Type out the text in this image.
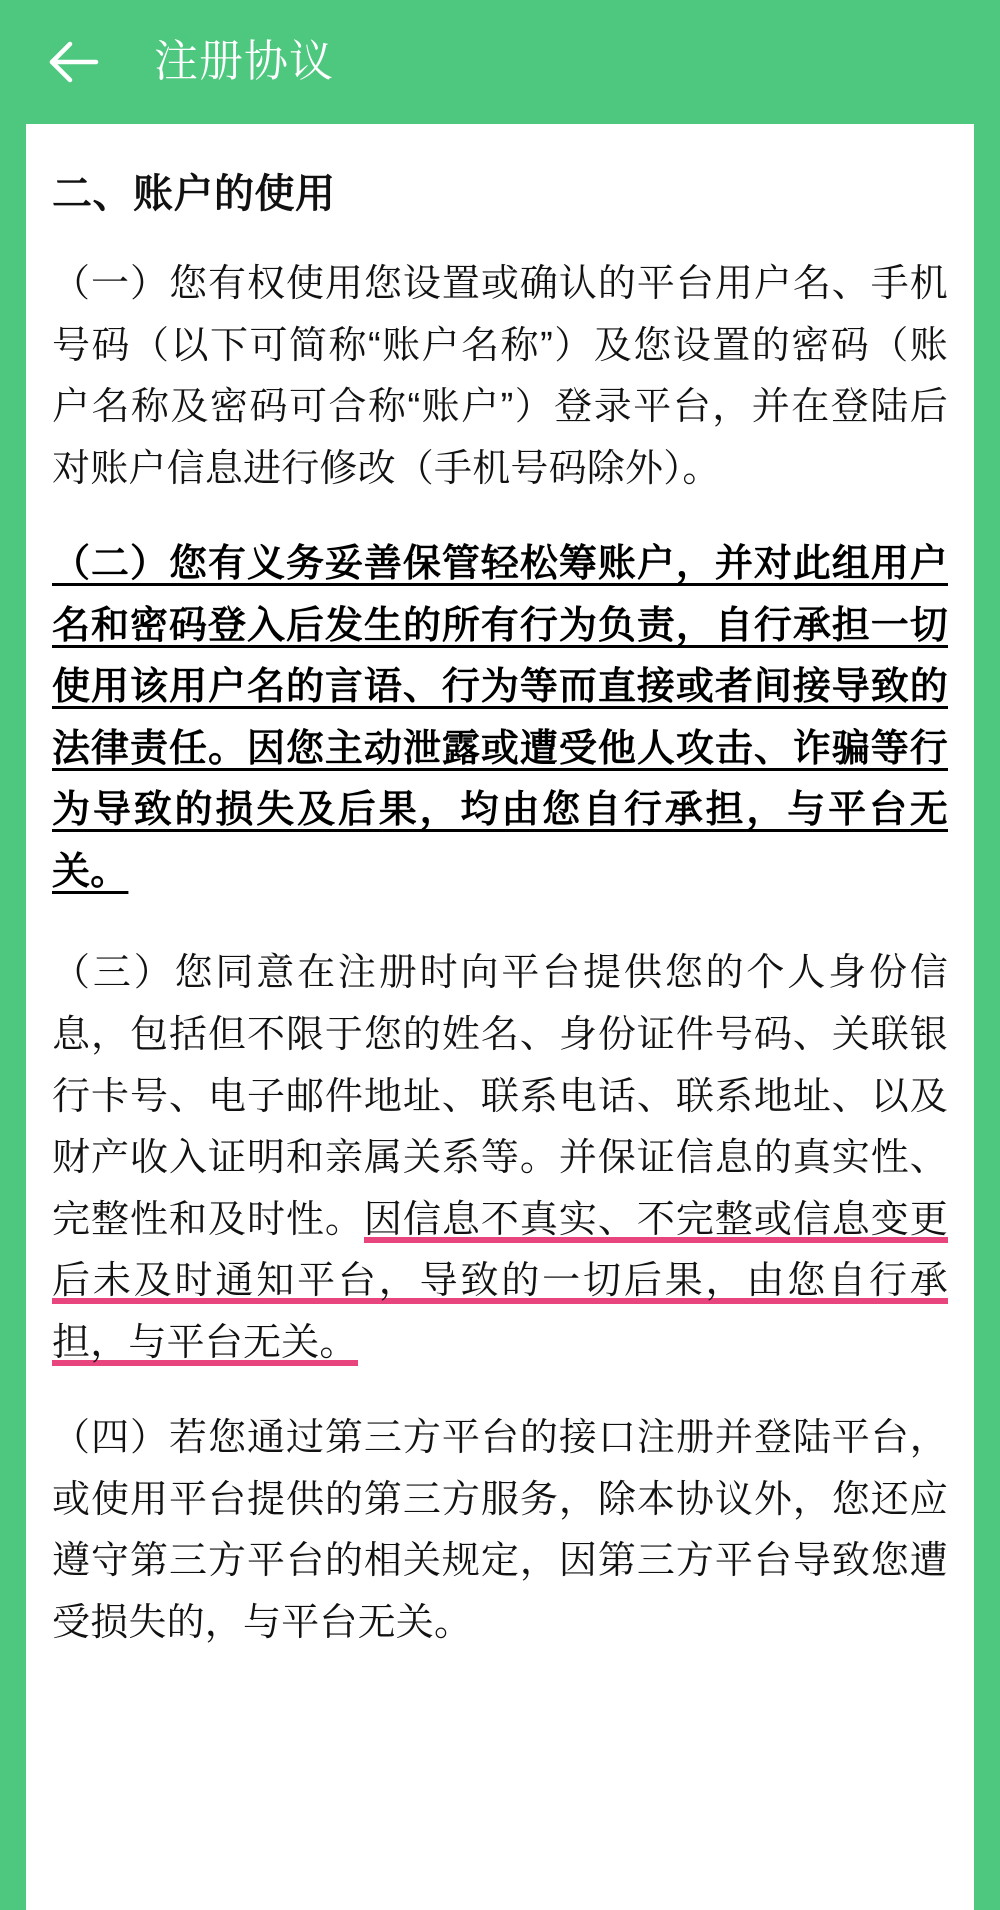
注册协议
二、账户的使用

（一）您有权使用您设置或确认的平台用户名、手机号码（以下可简称“账户名称”）及您设置的密码（账户名称及密码可合称“账户”）登录平台，并在登陆后对账户信息进行修改（手机号码除外）。

（二）您有义务妥善保管轻松筹账户，并对此组用户名和密码登入后发生的所有行为负责，自行承担一切使用该用户名的言语、行为等而直接或者间接导致的法律责任。因您主动泄露或遭受他人攻击、诈骗等行为导致的损失及后果，均由您自行承担，与平台无关。

（三）您同意在注册时向平台提供您的个人身份信息，包括但不限于您的姓名、身份证件号码、关联银行卡号、电子邮件地址、联系电话、联系地址、以及财产收入证明和亲属关系等。并保证信息的真实性、完整性和及时性。因信息不真实、不完整或信息变更后未及时通知平台，导致的一切后果，由您自行承担，与平台无关。

（四）若您通过第三方平台的接口注册并登陆平台，或使用平台提供的第三方服务，除本协议外，您还应遵守第三方平台的相关规定，因第三方平台导致您遭受损失的，与平台无关。
